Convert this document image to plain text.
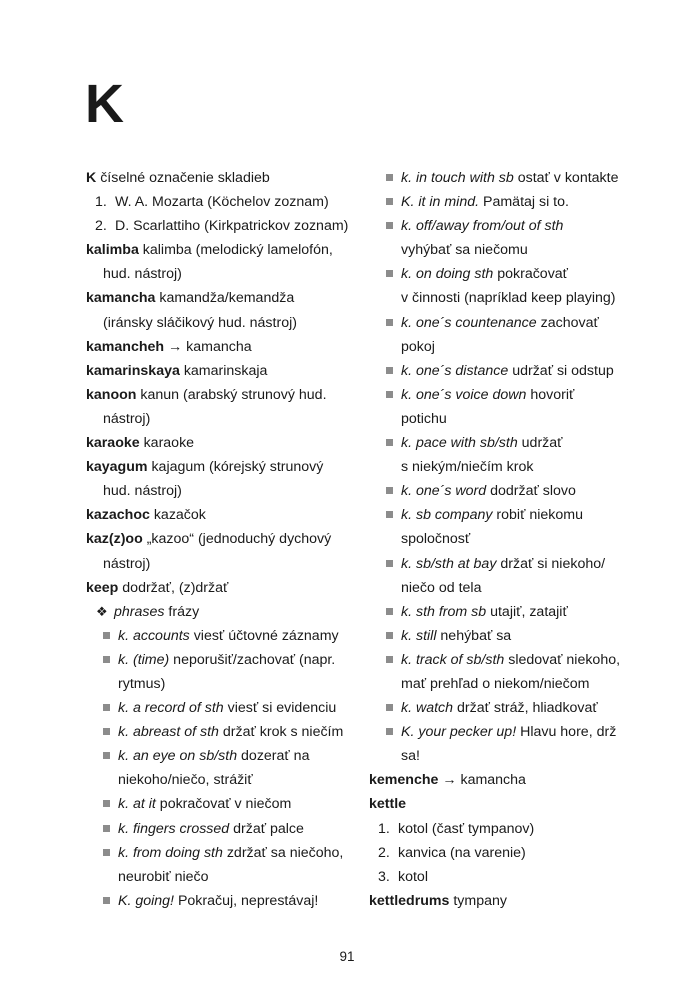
K
K číselné označenie skladieb
1. W. A. Mozarta (Köchelov zoznam)
2. D. Scarlattiho (Kirkpatrickov zoznam)
kalimba kalimba (melodický lamelofón,
hud. nástroj)
kamancha kamandža/kemandža
(iránsky sláčikový hud. nástroj)
kamancheh → kamancha
kamarinskaya kamarinskaja
kanoon kanun (arabský strunový hud.
nástroj)
karaoke karaoke
kayagum kajagum (kórejský strunový
hud. nástroj)
kazachoc kazačok
kaz(z)oo „kazoo“ (jednoduchý dychový
nástroj)
keep dodržať, (z)držať
❖ phrases frázy
k. accounts viesť účtovné záznamy
k. (time) neporušiť/zachovať (napr.
rytmus)
k. a record of sth viesť si evidenciu
k. abreast of sth držať krok s niečím
k. an eye on sb/sth dozerať na
niekoho/niečo, strážiť
k. at it pokračovať v niečom
k. fingers crossed držať palce
k. from doing sth zdržať sa niečoho,
neurobiť niečo
K. going! Pokračuj, neprestávaj!
k. in touch with sb ostať v kontakte
K. it in mind. Pamätaj si to.
k. off/away from/out of sth
vyhýbať sa niečomu
k. on doing sth pokračovať
v činnosti (napríklad keep playing)
k. one´s countenance zachovať
pokoj
k. one´s distance udržať si odstup
k. one´s voice down hovoriť
potichu
k. pace with sb/sth udržať
s niekým/niečím krok
k. one´s word dodržať slovo
k. sb company robiť niekomu
spoločnosť
k. sb/sth at bay držať si niekoho/
niečo od tela
k. sth from sb utajiť, zatajiť
k. still nehýbať sa
k. track of sb/sth sledovať niekoho,
mať prehľad o niekom/niečom
k. watch držať stráž, hliadkovať
K. your pecker up! Hlavu hore, drž
sa!
kemenche → kamancha
kettle
1. kotol (časť tympanov)
2. kanvica (na varenie)
3. kotol
kettledrums tympany
91
